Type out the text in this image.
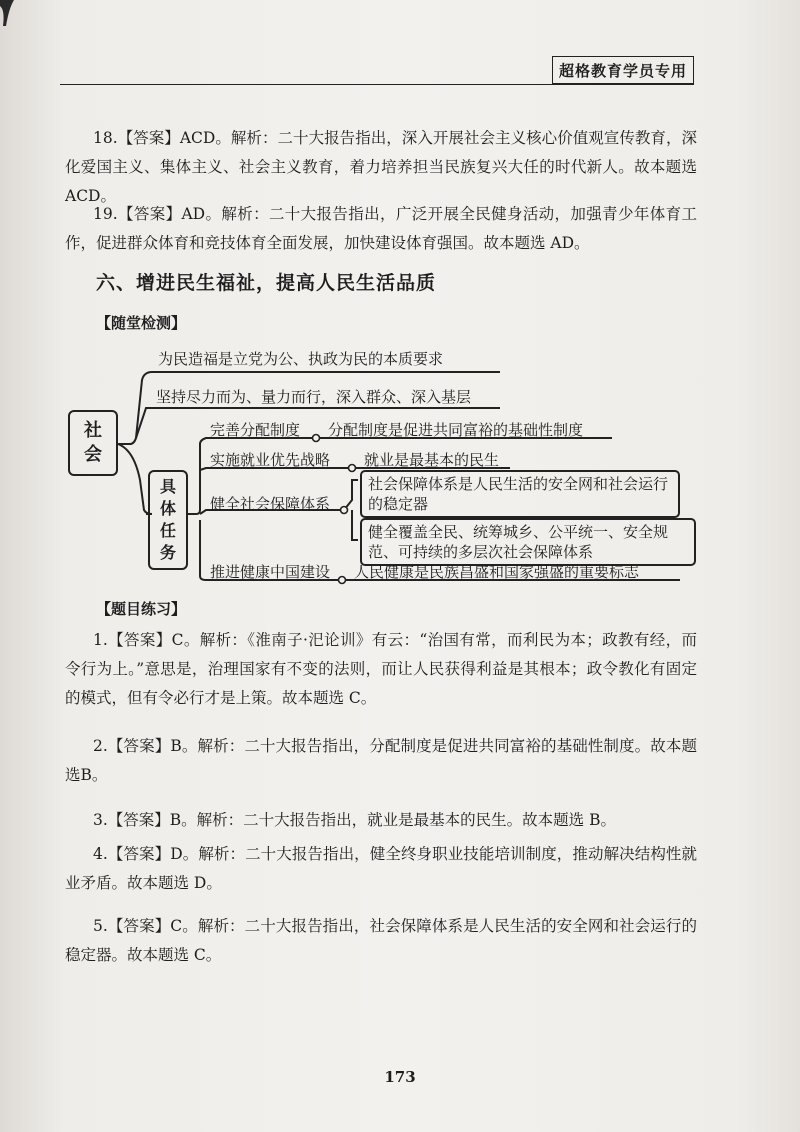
超格教育学员专用

18.【答案】ACD。解析：二十大报告指出，深入开展社会主义核心价值观宣传教育，深化爱国主义、集体主义、社会主义教育，着力培养担当民族复兴大任的时代新人。故本题选 ACD。

19.【答案】AD。解析：二十大报告指出，广泛开展全民健身活动，加强青少年体育工作，促进群众体育和竞技体育全面发展，加快建设体育强国。故本题选 AD。

六、增进民生福祉，提高人民生活品质
【随堂检测】
社
会
为民造福是立党为公、执政为民的本质要求
坚持尽力而为、量力而行，深入群众、深入基层
具
体
任
务
完善分配制度 分配制度是促进共同富裕的基础性制度
实施就业优先战略 就业是最基本的民生
健全社会保障体系
社会保障体系是人民生活的安全网和社会运行的稳定器
健全覆盖全民、统筹城乡、公平统一、安全规范、可持续的多层次社会保障体系
推进健康中国建设 人民健康是民族昌盛和国家强盛的重要标志
【题目练习】

1.【答案】C。解析：《淮南子·汜论训》有云：“治国有常，而利民为本；政教有经，而令行为上。”意思是，治理国家有不变的法则，而让人民获得利益是其根本；政令教化有固定的模式，但有令必行才是上策。故本题选 C。

2.【答案】B。解析：二十大报告指出，分配制度是促进共同富裕的基础性制度。故本题选B。

3.【答案】B。解析：二十大报告指出，就业是最基本的民生。故本题选 B。

4.【答案】D。解析：二十大报告指出，健全终身职业技能培训制度，推动解决结构性就业矛盾。故本题选 D。

5.【答案】C。解析：二十大报告指出，社会保障体系是人民生活的安全网和社会运行的稳定器。故本题选 C。

173
